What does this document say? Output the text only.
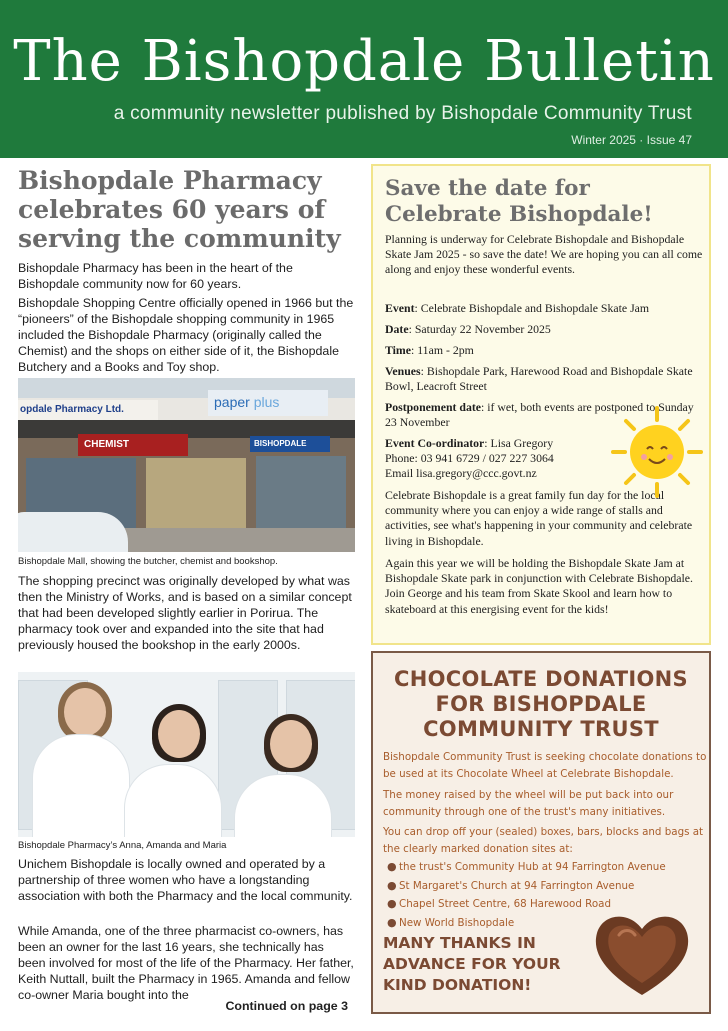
The Bishopdale Bulletin
a community newsletter published by Bishopdale Community Trust
Winter 2025 · Issue 47
Bishopdale Pharmacy celebrates 60 years of serving the community

Bishopdale Pharmacy has been in the heart of the Bishopdale community now for 60 years.

Bishopdale Shopping Centre officially opened in 1966 but the “pioneers” of the Bishopdale shopping community in 1965 included the Bishopdale Pharmacy (originally called the Chemist) and the shops on either side of it, the Bishopdale Butchery and a Books and Toy shop.

opdale Pharmacy Ltd.	paper plus
CHEMIST	BISHOPDALE
Bishopdale Mall, showing the butcher, chemist and bookshop.

The shopping precinct was originally developed by what was then the Ministry of Works, and is based on a similar concept that had been developed slightly earlier in Porirua. The pharmacy took over and expanded into the site that had previously housed the bookshop in the early 2000s.

Bishopdale Pharmacy’s Anna, Amanda and Maria

Unichem Bishopdale is locally owned and operated by a partnership of three women who have a longstanding association with both the Pharmacy and the local community.

While Amanda, one of the three pharmacist co-owners, has been an owner for the last 16 years, she technically has been involved for most of the life of the Pharmacy. Her father, Keith Nuttall, built the Pharmacy in 1965. Amanda and fellow co-owner Maria bought into the

Continued on page 3
Save the date for Celebrate Bishopdale!

Planning is underway for Celebrate Bishopdale and Bishopdale Skate Jam 2025 - so save the date! We are hoping you can all come along and enjoy these wonderful events.

Event: Celebrate Bishopdale and Bishopdale Skate Jam

Date: Saturday 22 November 2025

Time: 11am - 2pm

Venues: Bishopdale Park, Harewood Road and Bishopdale Skate Bowl, Leacroft Street

Postponement date: if wet, both events are postponed to Sunday 23 November

Event Co-ordinator: Lisa Gregory

Phone: 03 941 6729 / 027 227 3064

Email lisa.gregory@ccc.govt.nz

Celebrate Bishopdale is a great family fun day for the local community where you can enjoy a wide range of stalls and activities, see what's happening in your community and celebrate living in Bishopdale.

Again this year we will be holding the Bishopdale Skate Jam at Bishopdale Skate park in conjunction with Celebrate Bishopdale. Join George and his team from Skate Skool and learn how to skateboard at this energising event for the kids!

CHOCOLATE DONATIONS FOR BISHOPDALE COMMUNITY TRUST

Bishopdale Community Trust is seeking chocolate donations to be used at its Chocolate Wheel at Celebrate Bishopdale.

The money raised by the wheel will be put back into our community through one of the trust's many initiatives.

You can drop off your (sealed) boxes, bars, blocks and bags at the clearly marked donation sites at:

● the trust's Community Hub at 94 Farrington Avenue
● St Margaret's Church at 94 Farrington Avenue
● Chapel Street Centre, 68 Harewood Road
● New World Bishopdale
MANY THANKS IN ADVANCE FOR YOUR KIND DONATION!
